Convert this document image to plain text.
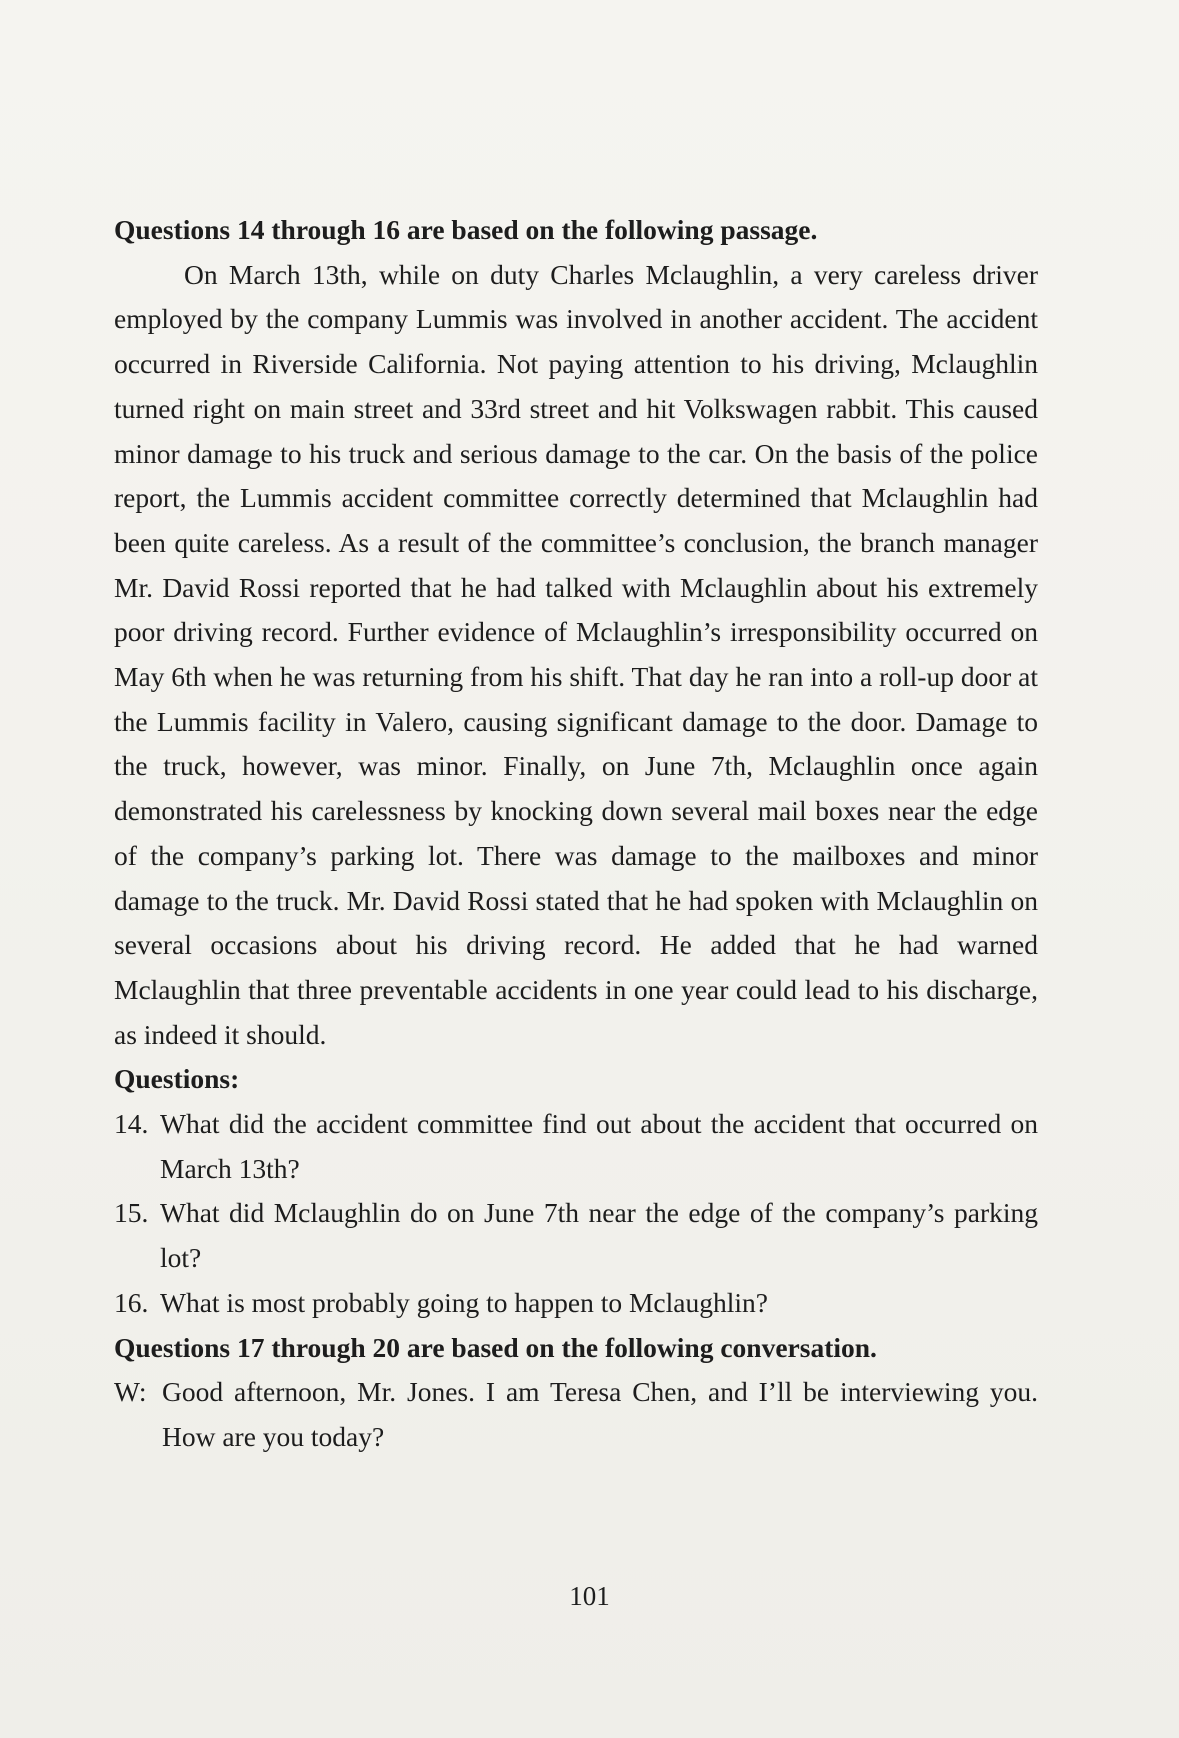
Questions 14 through 16 are based on the following passage.

On March 13th, while on duty Charles Mclaughlin, a very careless driver employed by the company Lummis was involved in another accident. The accident occurred in Riverside California. Not paying attention to his driving, Mclaughlin turned right on main street and 33rd street and hit Volkswagen rabbit. This caused minor damage to his truck and serious damage to the car. On the basis of the police report, the Lummis accident committee correctly determined that Mclaughlin had been quite careless. As a result of the committee’s conclusion, the branch manager Mr. David Rossi reported that he had talked with Mclaughlin about his extremely poor driving record. Further evidence of Mclaughlin’s irresponsibility occurred on May 6th when he was returning from his shift. That day he ran into a roll-up door at the Lummis facility in Valero, causing significant damage to the door. Damage to the truck, however, was minor. Finally, on June 7th, Mclaughlin once again demonstrated his carelessness by knocking down several mail boxes near the edge of the company’s parking lot. There was damage to the mailboxes and minor damage to the truck. Mr. David Rossi stated that he had spoken with Mclaughlin on several occasions about his driving record. He added that he had warned Mclaughlin that three preventable accidents in one year could lead to his discharge, as indeed it should.

Questions:

14. What did the accident committee find out about the accident that occurred on March 13th?

15. What did Mclaughlin do on June 7th near the edge of the company’s parking lot?

16. What is most probably going to happen to Mclaughlin?

Questions 17 through 20 are based on the following conversation.

W: Good afternoon, Mr. Jones. I am Teresa Chen, and I’ll be interviewing you. How are you today?

101
